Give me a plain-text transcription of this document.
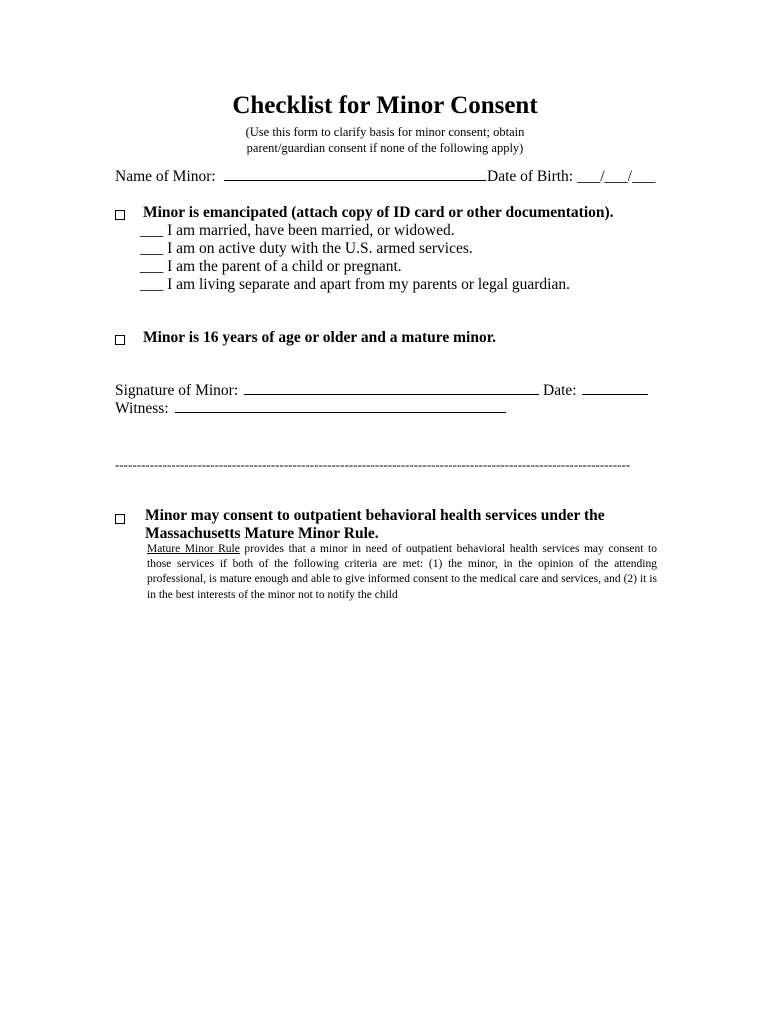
Checklist for Minor Consent
(Use this form to clarify basis for minor consent; obtain
parent/guardian consent if none of the following apply)
Name of Minor:	Date of Birth: ___/___/___
Minor is emancipated (attach copy of ID card or other documentation).
___ I am married, have been married, or widowed.
___ I am on active duty with the U.S. armed services.
___ I am the parent of a child or pregnant.
___ I am living separate and apart from my parents or legal guardian.
Minor is 16 years of age or older and a mature minor.
Signature of Minor:	Date:
Witness:
-----------------------------------------------------------------------------------------------------------------------
Minor may consent to outpatient behavioral health services under the
Massachusetts Mature Minor Rule.
Mature Minor Rule provides that a minor in need of outpatient behavioral health services may consent to those services if both of the following criteria are met: (1) the minor, in the opinion of the attending professional, is mature enough and able to give informed consent to the medical care and services, and (2) it is in the best interests of the minor not to notify the child
